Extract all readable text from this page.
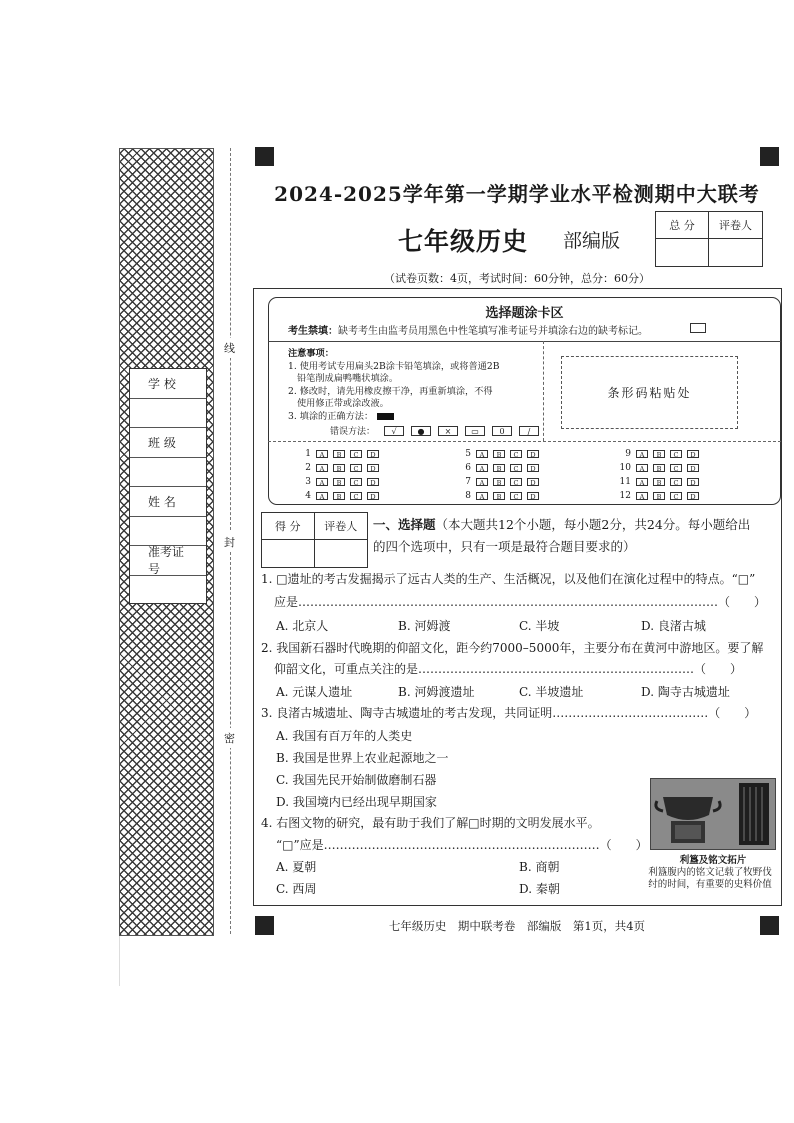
学 校
班 级
姓 名
准考证号
线
封
密
2024-2025学年第一学期学业水平检测期中大联考
七年级历史 部编版
总 分	评卷人
（试卷页数：4页，考试时间：60分钟，总分：60分）
选择题涂卡区
考生禁填：缺考考生由监考员用黑色中性笔填写准考证号并填涂右边的缺考标记。
注意事项：
1. 使用考试专用扁头2B涂卡铅笔填涂，或将普通2B
铅笔削成扁鸭嘴状填涂。
2. 修改时，请先用橡皮擦干净，再重新填涂，不得
使用修正带或涂改液。
3. 填涂的正确方法：
错误方法：	√	●	×	▭	0	/
条形码粘贴处
1	A	B	C	D
2	A	B	C	D
3	A	B	C	D
4	A	B	C	D
5	A	B	C	D
6	A	B	C	D
7	A	B	C	D
8	A	B	C	D
9	A	B	C	D
10	A	B	C	D
11	A	B	C	D
12	A	B	C	D
得 分	评卷人	一、选择题（本大题共12个小题，每小题2分，共24分。每小题给出
的四个选项中，只有一项是最符合题目要求的）
1. □遗址的考古发掘揭示了远古人类的生产、生活概况，以及他们在演化过程中的特点。“□”
应是……………………………………………………………………………………………（　　）
A. 北京人	B. 河姆渡	C. 半坡	D. 良渚古城
2. 我国新石器时代晚期的仰韶文化，距今约7000–5000年，主要分布在黄河中游地区。要了解
仰韶文化，可重点关注的是……………………………………………………………（　　）
A. 元谋人遗址	B. 河姆渡遗址	C. 半坡遗址	D. 陶寺古城遗址
3. 良渚古城遗址、陶寺古城遗址的考古发现，共同证明…………………………………（　　）
A. 我国有百万年的人类史
B. 我国是世界上农业起源地之一
C. 我国先民开始制做磨制石器
D. 我国境内已经出现早期国家
4. 右图文物的研究，最有助于我们了解□时期的文明发展水平。
“□”应是……………………………………………………………（　　）
A. 夏朝	B. 商朝
C. 西周	D. 秦朝
利簋及铭文拓片
利簋腹内的铭文记载了牧野伐
纣的时间，有重要的史料价值
七年级历史　期中联考卷　部编版　第1页，共4页
